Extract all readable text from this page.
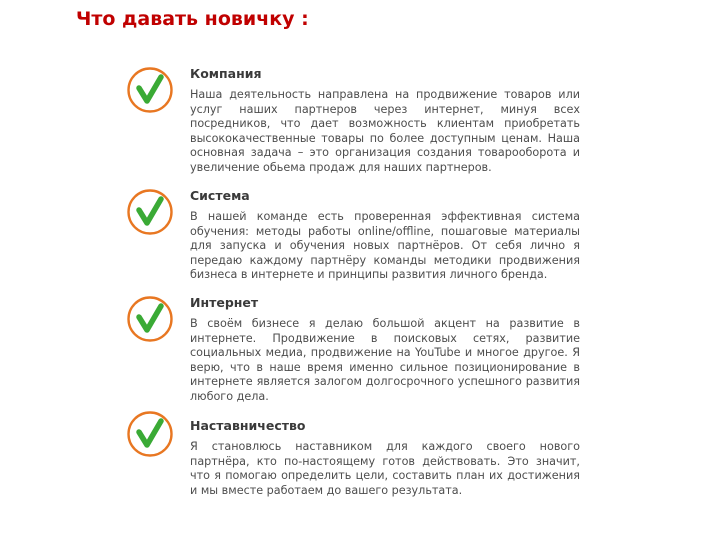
Что давать новичку :
Компания

Наша деятельность направлена на продвижение товаров или услуг наших партнеров через интернет, минуя всех посредников, что дает возможность клиентам приобретать высококачественные товары по более доступным ценам. Наша основная задача – это организация создания товарооборота и увеличение обьема продаж для наших партнеров.

Система

В нашей команде есть проверенная эффективная система обучения: методы работы online/offline, пошаговые материалы для запуска и обучения новых партнёров. От себя лично я передаю каждому партнёру команды методики продвижения бизнеса в интернете и принципы развития личного бренда.

Интернет

В своём бизнесе я делаю большой акцент на развитие в интернете. Продвижение в поисковых сетях, развитие социальных медиа, продвижение на YouTube и многое другое. Я верю, что в наше время именно сильное позиционирование в интернете является залогом долгосрочного успешного развития любого дела.

Наставничество

Я становлюсь наставником для каждого своего нового партнёра, кто по-настоящему готов действовать. Это значит, что я помогаю определить цели, составить план их достижения и мы вместе работаем до вашего результата.
